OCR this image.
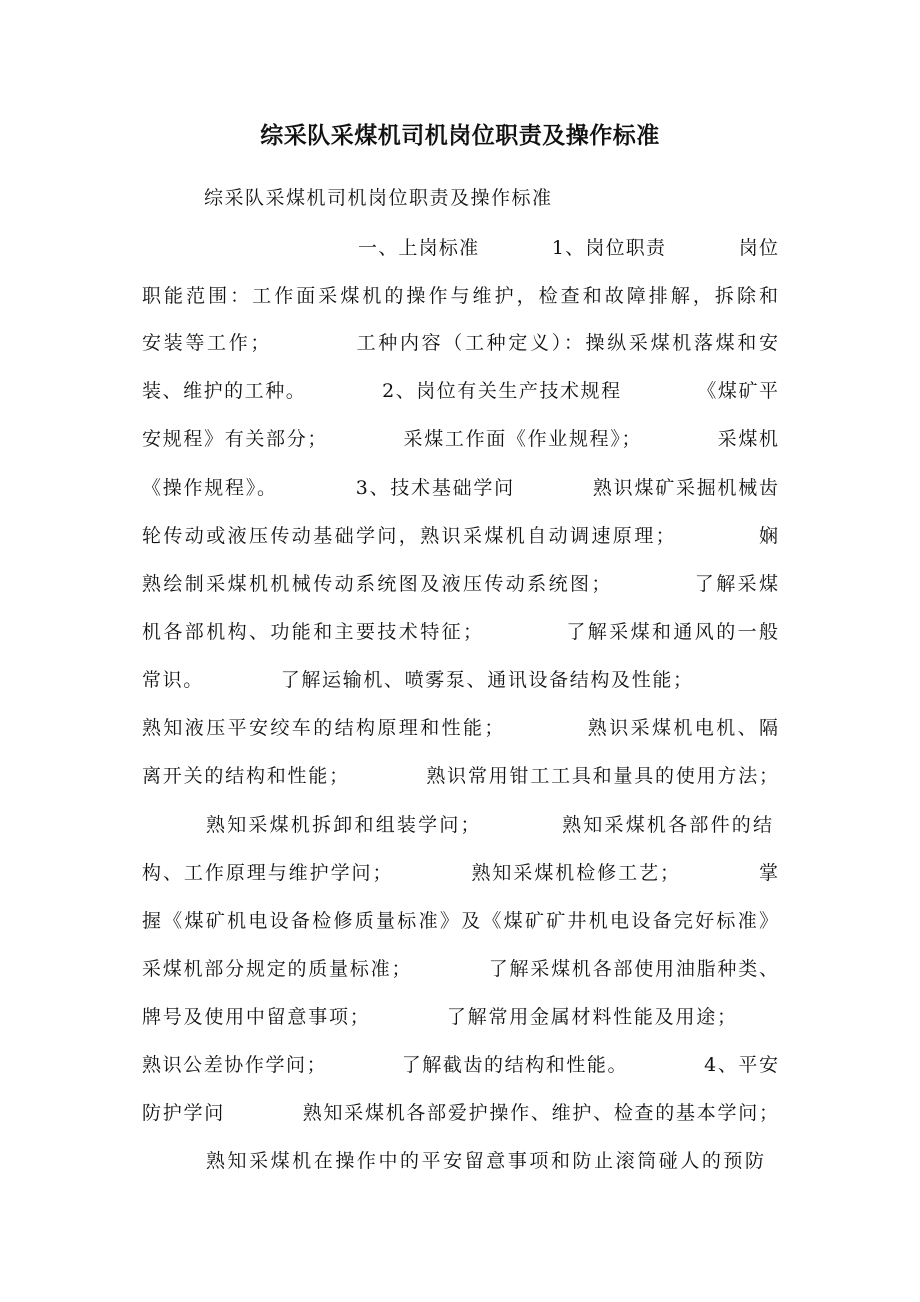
综采队采煤机司机岗位职责及操作标准
综采队采煤机司机岗位职责及操作标准
一、上岗标准          1、岗位职责          岗位
职能范围：工作面采煤机的操作与维护，检查和故障排解，拆除和
安装等工作；          工种内容（工种定义）：操纵采煤机落煤和安
装、维护的工种。          2、岗位有关生产技术规程          《煤矿平
安规程》有关部分；          采煤工作面《作业规程》；          采煤机
《操作规程》。          3、技术基础学问          熟识煤矿采掘机械齿
轮传动或液压传动基础学问，熟识采煤机自动调速原理；          娴
熟绘制采煤机机械传动系统图及液压传动系统图；          了解采煤
机各部机构、功能和主要技术特征；          了解采煤和通风的一般
常识。          了解运输机、喷雾泵、通讯设备结构及性能；
熟知液压平安绞车的结构原理和性能；          熟识采煤机电机、隔
离开关的结构和性能；          熟识常用钳工工具和量具的使用方法；
熟知采煤机拆卸和组装学问；          熟知采煤机各部件的结
构、工作原理与维护学问；          熟知采煤机检修工艺；          掌
握《煤矿机电设备检修质量标准》及《煤矿矿井机电设备完好标准》
采煤机部分规定的质量标准；          了解采煤机各部使用油脂种类、
牌号及使用中留意事项；          了解常用金属材料性能及用途；
熟识公差协作学问；          了解截齿的结构和性能。          4、平安
防护学问          熟知采煤机各部爱护操作、维护、检查的基本学问；
熟知采煤机在操作中的平安留意事项和防止滚筒碰人的预防
